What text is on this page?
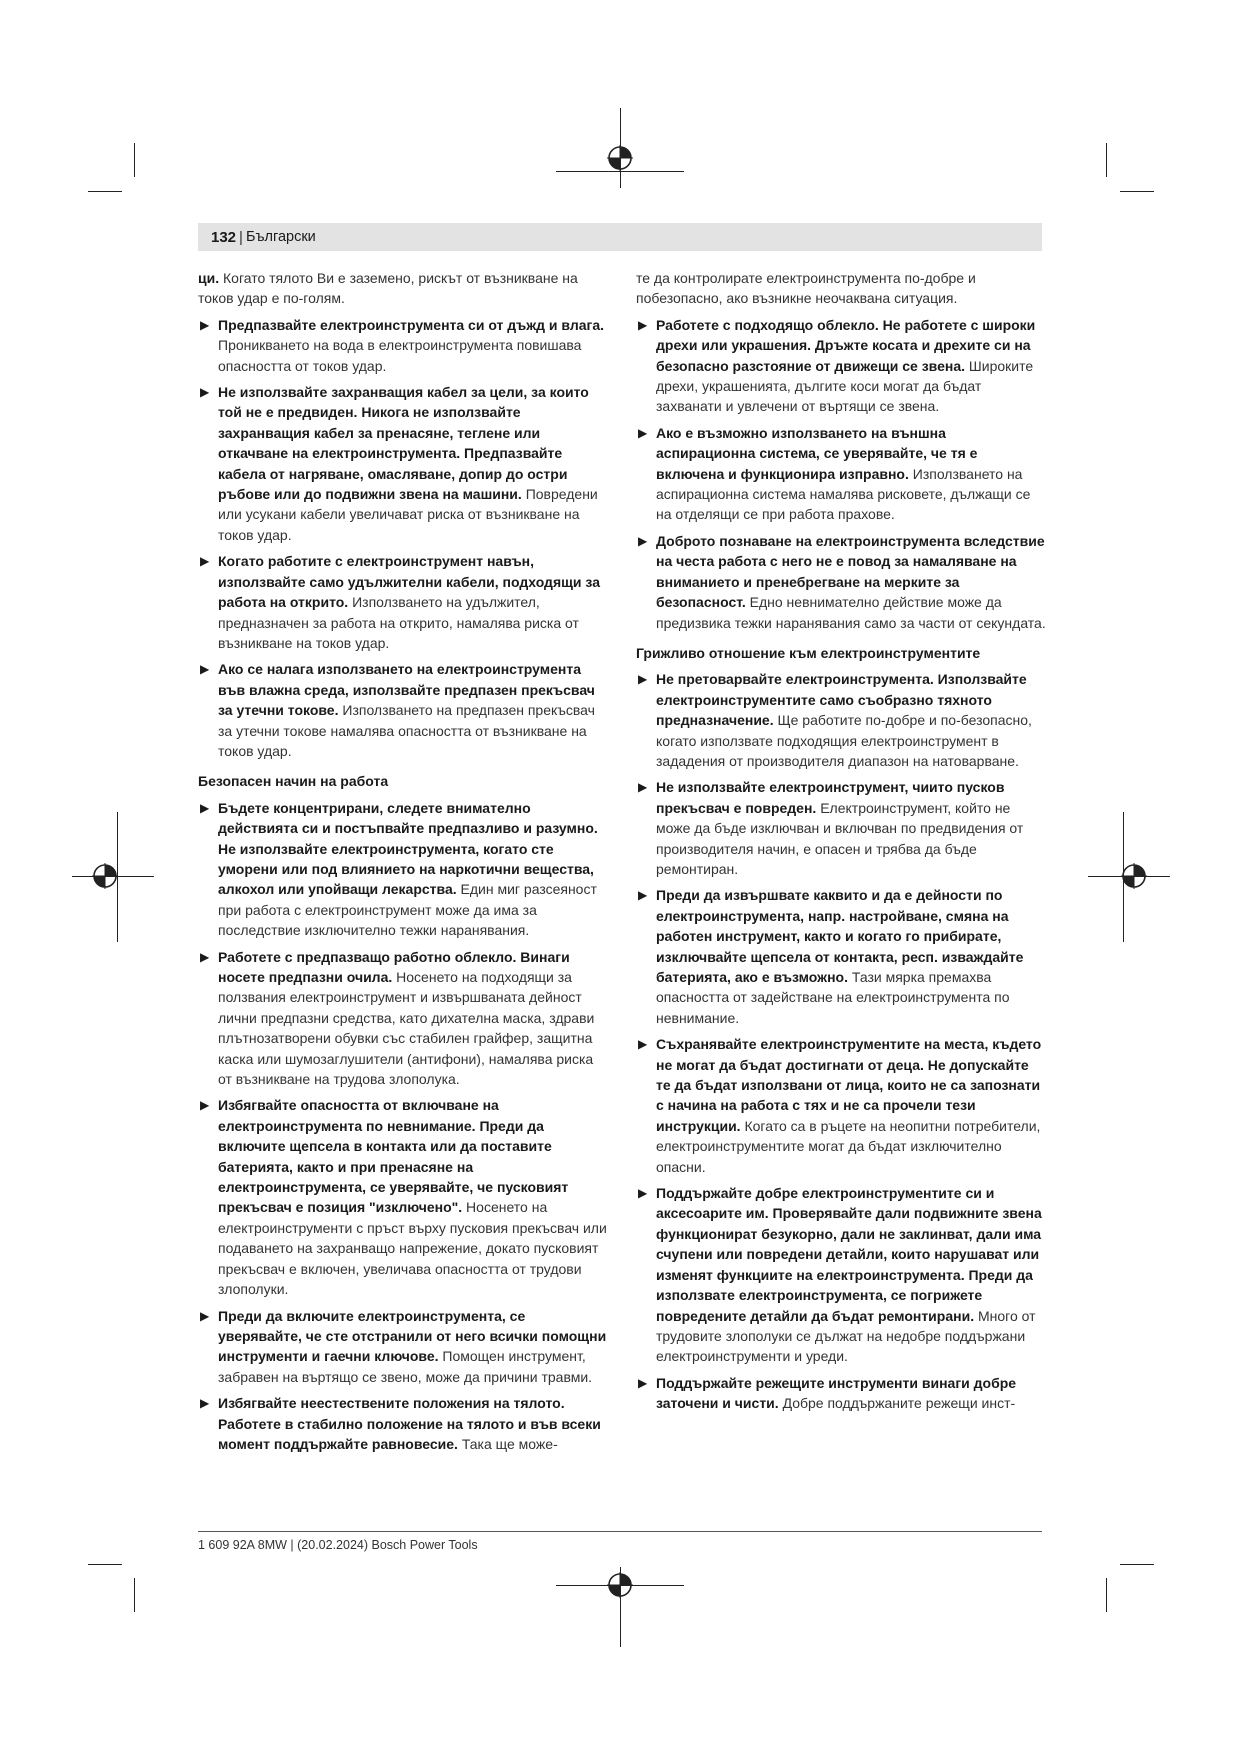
132 | Български

ци. Когато тялото Ви е заземено, рискът от възникване на токов удар е по-голям.

▶ Предпазвайте електроинструмента си от дъжд и влага. Проникването на вода в електроинструмента повишава опасността от токов удар.
▶ Не използвайте захранващия кабел за цели, за които той не е предвиден. Никога не използвайте захранващия кабел за пренасяне, теглене или откачване на електроинструмента. Предпазвайте кабела от нагряване, омасляване, допир до остри ръбове или до подвижни звена на машини. Повредени или усукани кабели увеличават риска от възникване на токов удар.
▶ Когато работите с електроинструмент навън, използвайте само удължителни кабели, подходящи за работа на открито. Използването на удължител, предназначен за работа на открито, намалява риска от възникване на токов удар.
▶ Ако се налага използването на електроинструмента във влажна среда, използвайте предпазен прекъсвач за утечни токове. Използването на предпазен прекъсвач за утечни токове намалява опасността от възникване на токов удар.
Безопасен начин на работа
▶ Бъдете концентрирани, следете внимателно действията си и постъпвайте предпазливо и разумно. Не използвайте електроинструмента, когато сте уморени или под влиянието на наркотични вещества, алкохол или упойващи лекарства. Един миг разсеяност при работа с електроинструмент може да има за последствие изключително тежки наранявания.
▶ Работете с предпазващо работно облекло. Винаги носете предпазни очила. Носенето на подходящи за ползвания електроинструмент и извършваната дейност лични предпазни средства, като дихателна маска, здрави плътнозатворени обувки със стабилен грайфер, защитна каска или шумозаглушители (антифони), намалява риска от възникване на трудова злополука.
▶ Избягвайте опасността от включване на електроинструмента по невнимание. Преди да включите щепсела в контакта или да поставите батерията, както и при пренасяне на електроинструмента, се уверявайте, че пусковият прекъсвач е позиция "изключено". Носенето на електроинструменти с пръст върху пусковия прекъсвач или подаването на захранващо напрежение, докато пусковият прекъсвач е включен, увеличава опасността от трудови злополуки.
▶ Преди да включите електроинструмента, се уверявайте, че сте отстранили от него всички помощни инструменти и гаечни ключове. Помощен инструмент, забравен на въртящо се звено, може да причини травми.
▶ Избягвайте неестествените положения на тялото. Работете в стабилно положение на тялото и във всеки момент поддържайте равновесие. Така ще може-

те да контролирате електроинструмента по-добре и побезопасно, ако възникне неочаквана ситуация.

▶ Работете с подходящо облекло. Не работете с широки дрехи или украшения. Дръжте косата и дрехите си на безопасно разстояние от движещи се звена. Широките дрехи, украшенията, дългите коси могат да бъдат захванати и увлечени от въртящи се звена.
▶ Ако е възможно използването на външна аспирационна система, се уверявайте, че тя е включена и функционира изправно. Използването на аспирационна система намалява рисковете, дължащи се на отделящи се при работа прахове.
▶ Доброто познаване на електроинструмента вследствие на честа работа с него не е повод за намаляване на вниманието и пренебрегване на мерките за безопасност. Едно невнимателно действие може да предизвика тежки наранявания само за части от секундата.
Грижливо отношение към електроинструментите
▶ Не претоварвайте електроинструмента. Използвайте електроинструментите само съобразно тяхното предназначение. Ще работите по-добре и по-безопасно, когато използвате подходящия електроинструмент в зададения от производителя диапазон на натоварване.
▶ Не използвайте електроинструмент, чиито пусков прекъсвач е повреден. Електроинструмент, който не може да бъде изключван и включван по предвидения от производителя начин, е опасен и трябва да бъде ремонтиран.
▶ Преди да извършвате каквито и да е дейности по електроинструмента, напр. настройване, смяна на работен инструмент, както и когато го прибирате, изключвайте щепсела от контакта, респ. изваждайте батерията, ако е възможно. Тази мярка премахва опасността от задействане на електроинструмента по невнимание.
▶ Съхранявайте електроинструментите на места, където не могат да бъдат достигнати от деца. Не допускайте те да бъдат използвани от лица, които не са запознати с начина на работа с тях и не са прочели тези инструкции. Когато са в ръцете на неопитни потребители, електроинструментите могат да бъдат изключително опасни.
▶ Поддържайте добре електроинструментите си и аксесоарите им. Проверявайте дали подвижните звена функционират безукорно, дали не заклинват, дали има счупени или повредени детайли, които нарушават или изменят функциите на електроинструмента. Преди да използвате електроинструмента, се погрижете повредените детайли да бъдат ремонтирани. Много от трудовите злополуки се дължат на недобре поддържани електроинструменти и уреди.
▶ Поддържайте режещите инструменти винаги добре заточени и чисти. Добре поддържаните режещи инст-
1 609 92A 8MW | (20.02.2024) Bosch Power Tools
